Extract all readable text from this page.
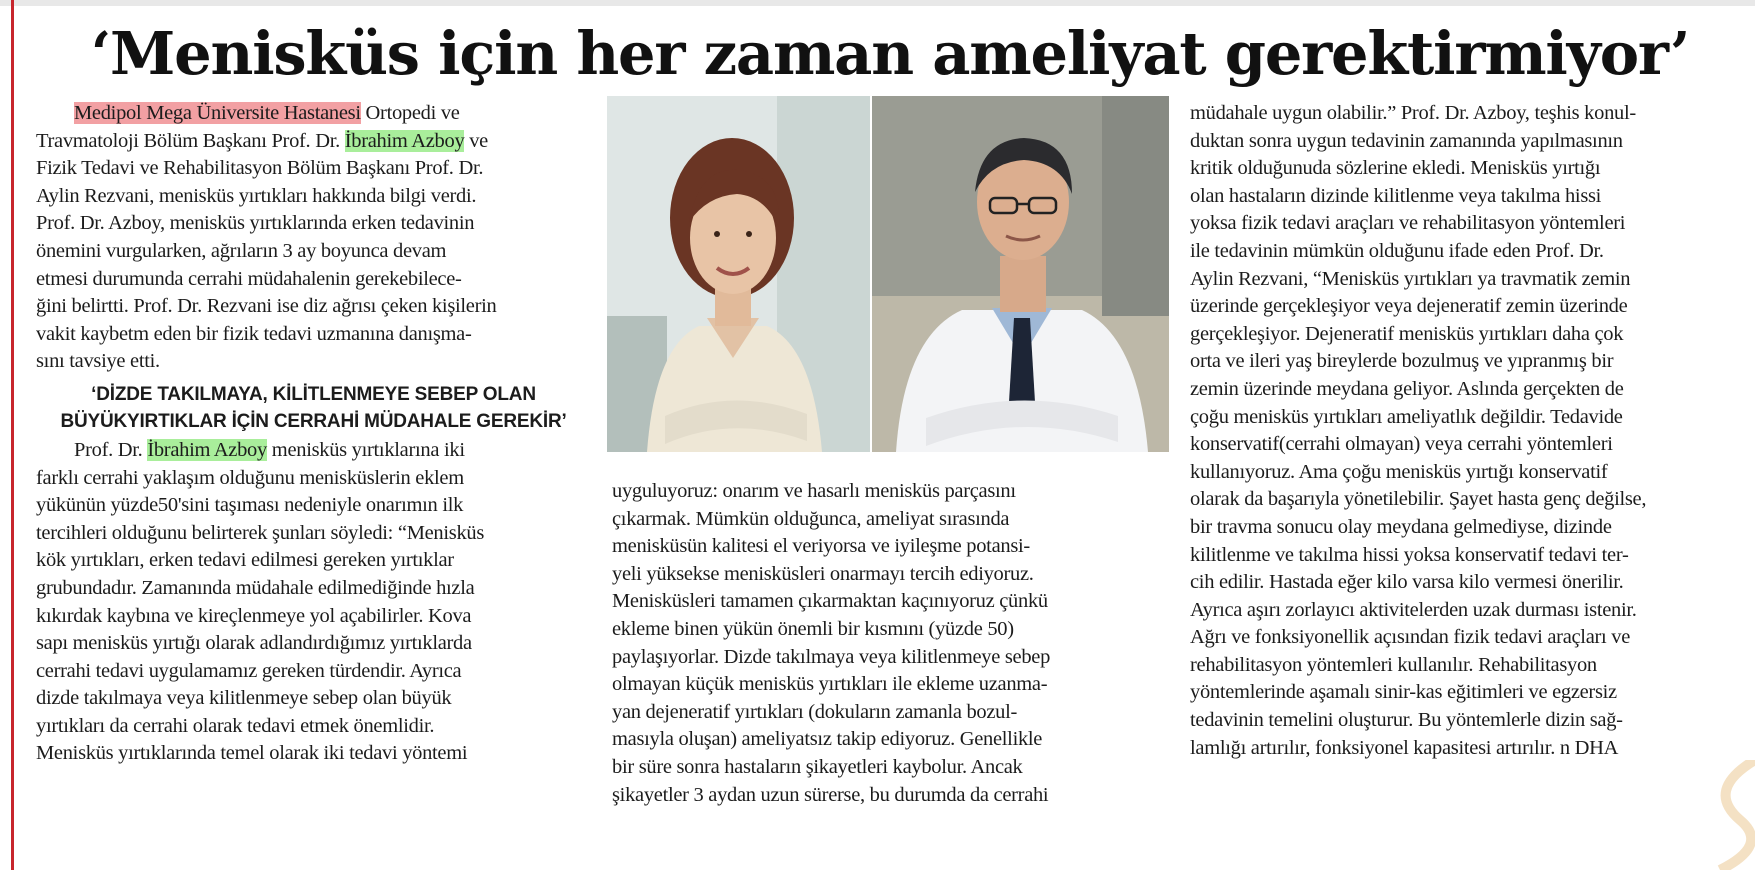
‘Menisküs için her zaman ameliyat gerektirmiyor’

Medipol Mega Üniversite Hastanesi Ortopedi ve

Travmatoloji Bölüm Başkanı Prof. Dr. İbrahim Azboy ve

Fizik Tedavi ve Rehabilitasyon Bölüm Başkanı Prof. Dr.

Aylin Rezvani, menisküs yırtıkları hakkında bilgi verdi.

Prof. Dr. Azboy, menisküs yırtıklarında erken tedavinin

önemini vurgularken, ağrıların 3 ay boyunca devam

etmesi durumunda cerrahi müdahalenin gerekebilece-

ğini belirtti. Prof. Dr. Rezvani ise diz ağrısı çeken kişilerin

vakit kaybetm eden bir fizik tedavi uzmanına danışma-

sını tavsiye etti.

‘DİZDE TAKILMAYA, KİLİTLENMEYE SEBEP OLAN
BÜYÜKYIRTIKLAR İÇİN CERRAHİ MÜDAHALE GEREKİR’

Prof. Dr. İbrahim Azboy menisküs yırtıklarına iki

farklı cerrahi yaklaşım olduğunu menisküslerin eklem

yükünün yüzde50'sini taşıması nedeniyle onarımın ilk

tercihleri olduğunu belirterek şunları söyledi: “Menisküs

kök yırtıkları, erken tedavi edilmesi gereken yırtıklar

grubundadır. Zamanında müdahale edilmediğinde hızla

kıkırdak kaybına ve kireçlenmeye yol açabilirler. Kova

sapı menisküs yırtığı olarak adlandırdığımız yırtıklarda

cerrahi tedavi uygulamamız gereken türdendir. Ayrıca

dizde takılmaya veya kilitlenmeye sebep olan büyük

yırtıkları da cerrahi olarak tedavi etmek önemlidir.

Menisküs yırtıklarında temel olarak iki tedavi yöntemi

uyguluyoruz: onarım ve hasarlı menisküs parçasını

çıkarmak. Mümkün olduğunca, ameliyat sırasında

menisküsün kalitesi el veriyorsa ve iyileşme potansi-

yeli yüksekse menisküsleri onarmayı tercih ediyoruz.

Menisküsleri tamamen çıkarmaktan kaçınıyoruz çünkü

ekleme binen yükün önemli bir kısmını (yüzde 50)

paylaşıyorlar. Dizde takılmaya veya kilitlenmeye sebep

olmayan küçük menisküs yırtıkları ile ekleme uzanma-

yan dejeneratif yırtıkları (dokuların zamanla bozul-

masıyla oluşan) ameliyatsız takip ediyoruz. Genellikle

bir süre sonra hastaların şikayetleri kaybolur. Ancak

şikayetler 3 aydan uzun sürerse, bu durumda da cerrahi

müdahale uygun olabilir.” Prof. Dr. Azboy, teşhis konul-

duktan sonra uygun tedavinin zamanında yapılmasının

kritik olduğunuda sözlerine ekledi. Menisküs yırtığı

olan hastaların dizinde kilitlenme veya takılma hissi

yoksa fizik tedavi araçları ve rehabilitasyon yöntemleri

ile tedavinin mümkün olduğunu ifade eden Prof. Dr.

Aylin Rezvani, “Menisküs yırtıkları ya travmatik zemin

üzerinde gerçekleşiyor veya dejeneratif zemin üzerinde

gerçekleşiyor. Dejeneratif menisküs yırtıkları daha çok

orta ve ileri yaş bireylerde bozulmuş ve yıpranmış bir

zemin üzerinde meydana geliyor. Aslında gerçekten de

çoğu menisküs yırtıkları ameliyatlık değildir. Tedavide

konservatif(cerrahi olmayan) veya cerrahi yöntemleri

kullanıyoruz. Ama çoğu menisküs yırtığı konservatif

olarak da başarıyla yönetilebilir. Şayet hasta genç değilse,

bir travma sonucu olay meydana gelmediyse, dizinde

kilitlenme ve takılma hissi yoksa konservatif tedavi ter-

cih edilir. Hastada eğer kilo varsa kilo vermesi önerilir.

Ayrıca aşırı zorlayıcı aktivitelerden uzak durması istenir.

Ağrı ve fonksiyonellik açısından fizik tedavi araçları ve

rehabilitasyon yöntemleri kullanılır. Rehabilitasyon

yöntemlerinde aşamalı sinir-kas eğitimleri ve egzersiz

tedavinin temelini oluşturur. Bu yöntemlerle dizin sağ-

lamlığı artırılır, fonksiyonel kapasitesi artırılır. n DHA
